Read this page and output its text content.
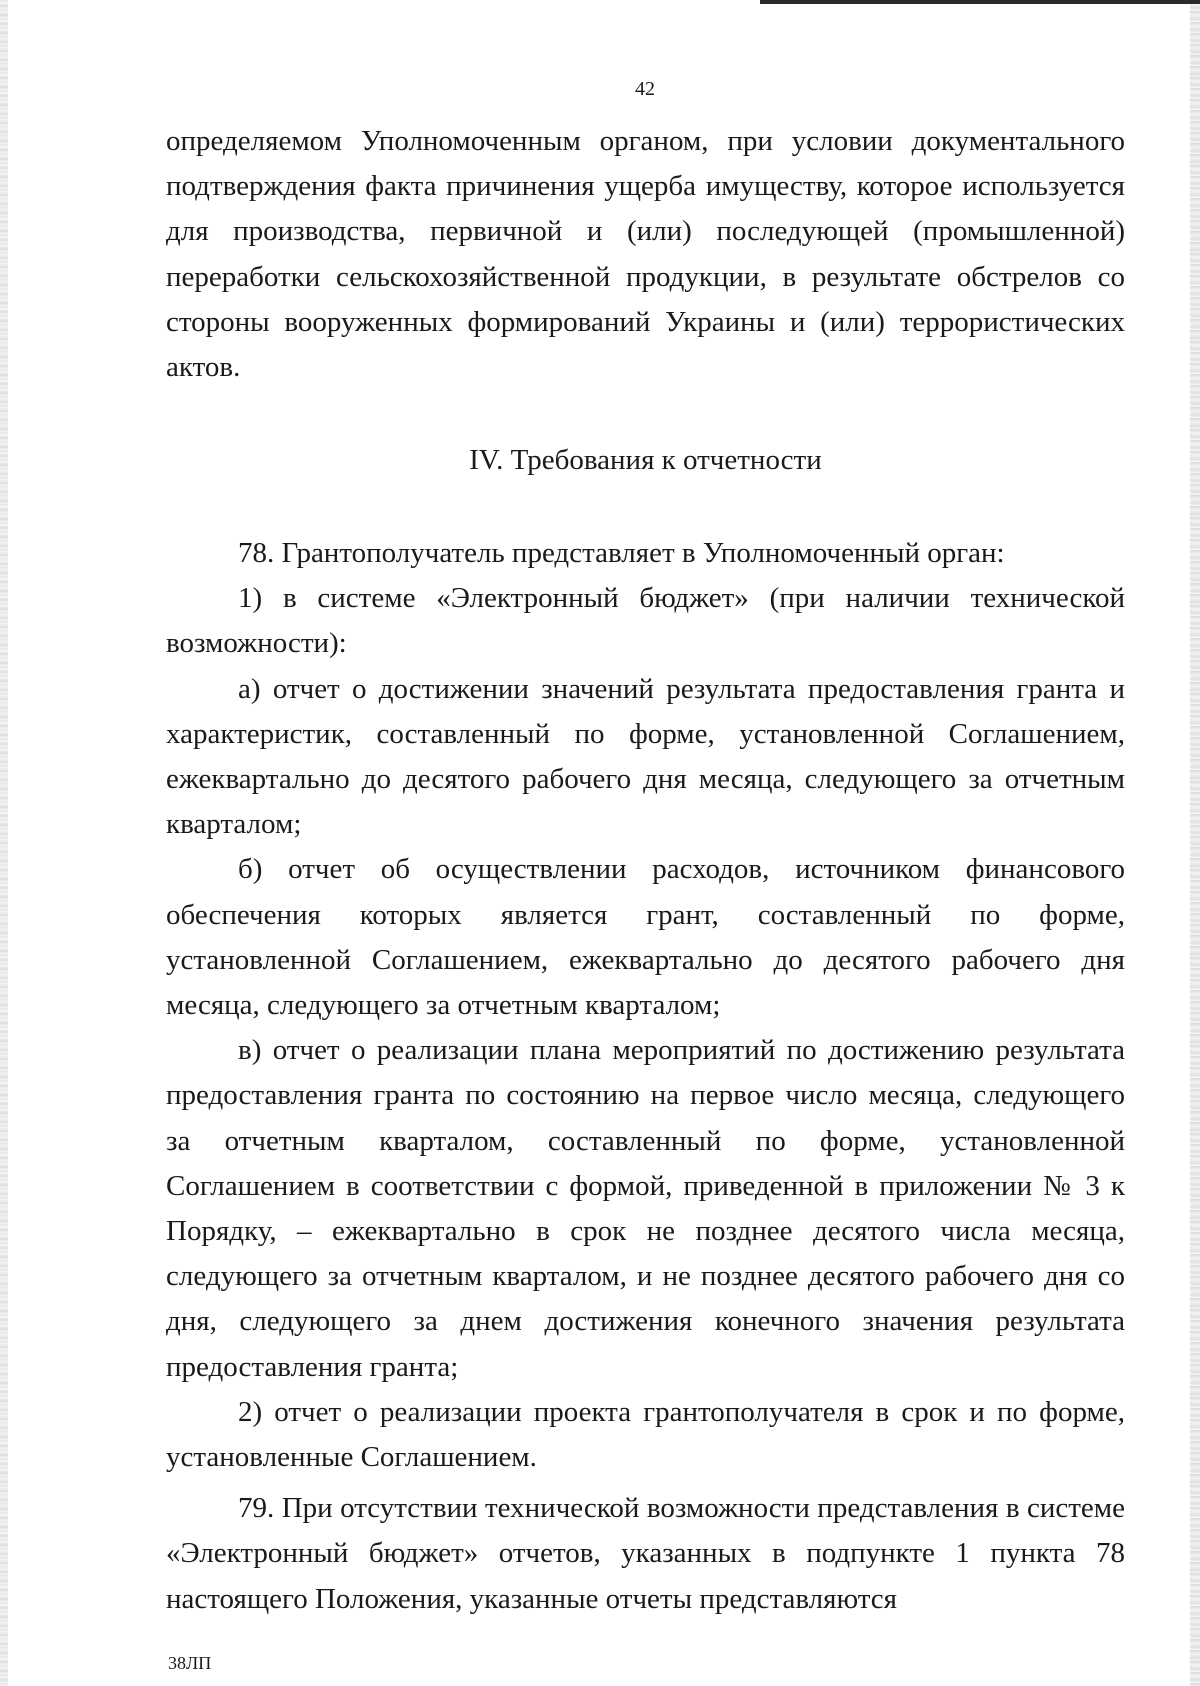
42

определяемом Уполномоченным органом, при условии документального подтверждения факта причинения ущерба имуществу, которое используется для производства, первичной и (или) последующей (промышленной) переработки сельскохозяйственной продукции, в результате обстрелов со стороны вооруженных формирований Украины и (или) террористических актов.

IV. Требования к отчетности

78. Грантополучатель представляет в Уполномоченный орган:

1) в системе «Электронный бюджет» (при наличии технической возможности):

а) отчет о достижении значений результата предоставления гранта и характеристик, составленный по форме, установленной Соглашением, ежеквартально до десятого рабочего дня месяца, следующего за отчетным кварталом;

б) отчет об осуществлении расходов, источником финансового обеспечения которых является грант, составленный по форме, установленной Соглашением, ежеквартально до десятого рабочего дня месяца, следующего за отчетным кварталом;

в) отчет о реализации плана мероприятий по достижению результата предоставления гранта по состоянию на первое число месяца, следующего за отчетным кварталом, составленный по форме, установленной Соглашением в соответствии с формой, приведенной в приложении № 3 к Порядку, – ежеквартально в срок не позднее десятого числа месяца, следующего за отчетным кварталом, и не позднее десятого рабочего дня со дня, следующего за днем достижения конечного значения результата предоставления гранта;

2) отчет о реализации проекта грантополучателя в срок и по форме, установленные Соглашением.

79. При отсутствии технической возможности представления в системе «Электронный бюджет» отчетов, указанных в подпункте 1 пункта 78 настоящего Положения, указанные отчеты представляются

38ЛП
